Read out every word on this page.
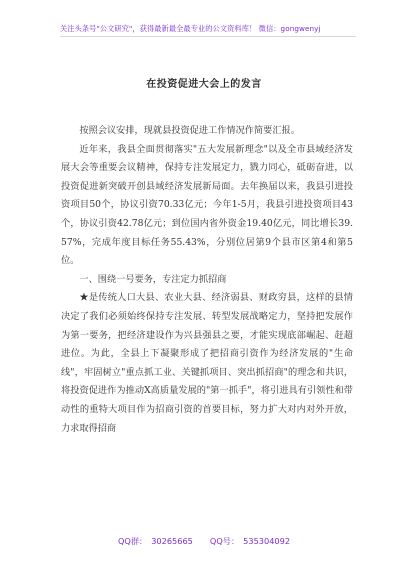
关注头条号"公文研究"，获得最新最全最专业的公文资料库！ 微信：gongwenyj
在投资促进大会上的发言

按照会议安排，现就县投资促进工作情况作简要汇报。

近年来，我县全面贯彻落实"五大发展新理念"以及全市县域经济发展大会等重要会议精神，保持专注发展定力，戮力同心，砥砺奋进，以投资促进新突破开创县域经济发展新局面。去年换届以来，我县引进投资项目50个，协议引资70.33亿元；今年1-5月，我县引进投资项目43个，协议引资42.78亿元；到位国内省外资金19.40亿元，同比增长39.57%，完成年度目标任务55.43%，分别位居第9个县市区第4和第5位。

一、围绕一号要务，专注定力抓招商

★是传统人口大县、农业大县、经济弱县、财政穷县，这样的县情决定了我们必须始终保持专注发展、转型发展战略定力，坚持把发展作为第一要务，把经济建设作为兴县强县之要，才能实现底部崛起、赶超进位。为此，全县上下凝聚形成了把招商引资作为经济发展的"生命线"，牢固树立"重点抓工业、关键抓项目、突出抓招商"的理念和共识，将投资促进作为推动X高质量发展的"第一抓手"，将引进具有引领性和带动性的重特大项目作为招商引资的首要目标，努力扩大对内对外开放，力求取得招商

QQ群： 30265665 QQ号： 535304092
